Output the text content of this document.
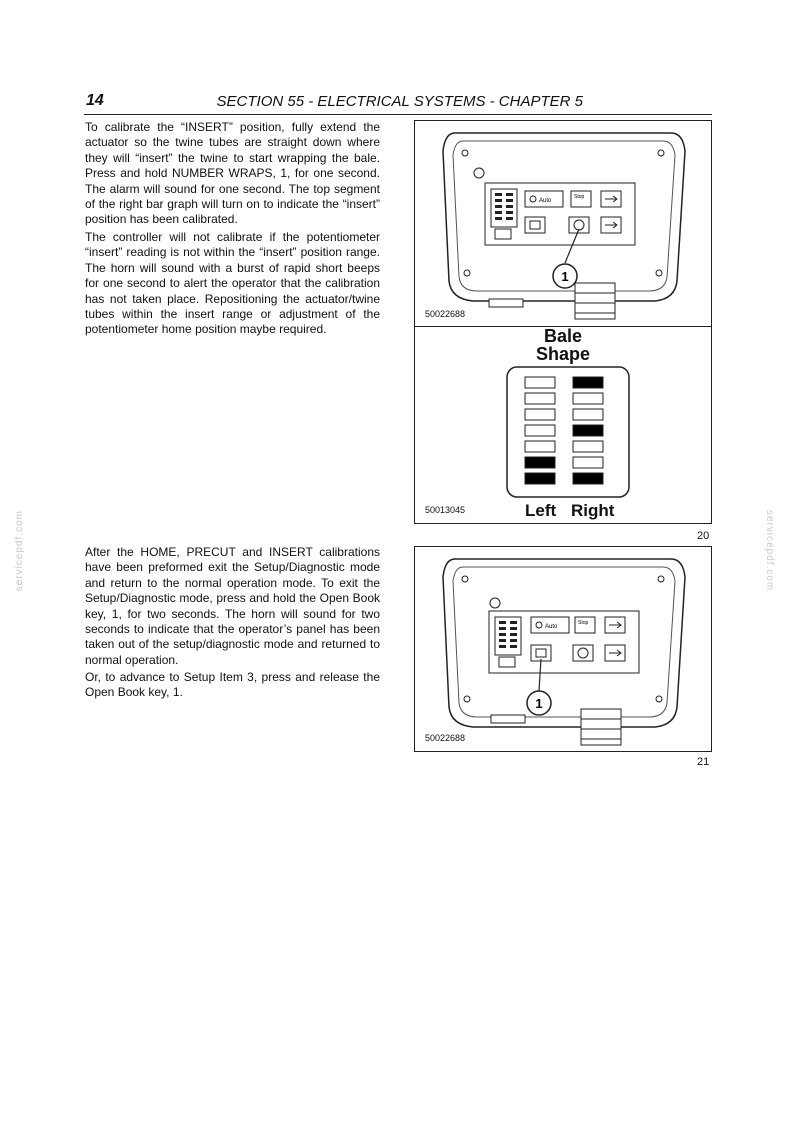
14	SECTION 55 - ELECTRICAL SYSTEMS - CHAPTER 5
servicepdf.com	servicepdf.com

To calibrate the “INSERT” position, fully extend the actuator so the twine tubes are straight down where they will “insert” the twine to start wrapping the bale. Press and hold NUMBER WRAPS, 1, for one second. The alarm will sound for one second. The top segment of the right bar graph will turn on to indicate the “insert” position has been calibrated.

The controller will not calibrate if the potentiometer “insert” reading is not within the “insert” position range. The horn will sound with a burst of rapid short beeps for one second to alert the operator that the calibration has not taken place. Repositioning the actuator/twine tubes within the insert range or adjustment of the potentiometer home position maybe required.

After the HOME, PRECUT and INSERT calibrations have been preformed exit the Setup/Diagnostic mode and return to the normal operation mode. To exit the Setup/Diagnostic mode, press and hold the Open Book key, 1, for two seconds. The horn will sound for two seconds to indicate that the operator’s panel has been taken out of the setup/diagnostic mode and returned to normal operation.

Or, to advance to Setup Item 3, press and release the Open Book key, 1.

Auto
Stop
1
50022688
Bale
Shape
50013045	Left Right
20
Auto
Stop
1
50022688
21
